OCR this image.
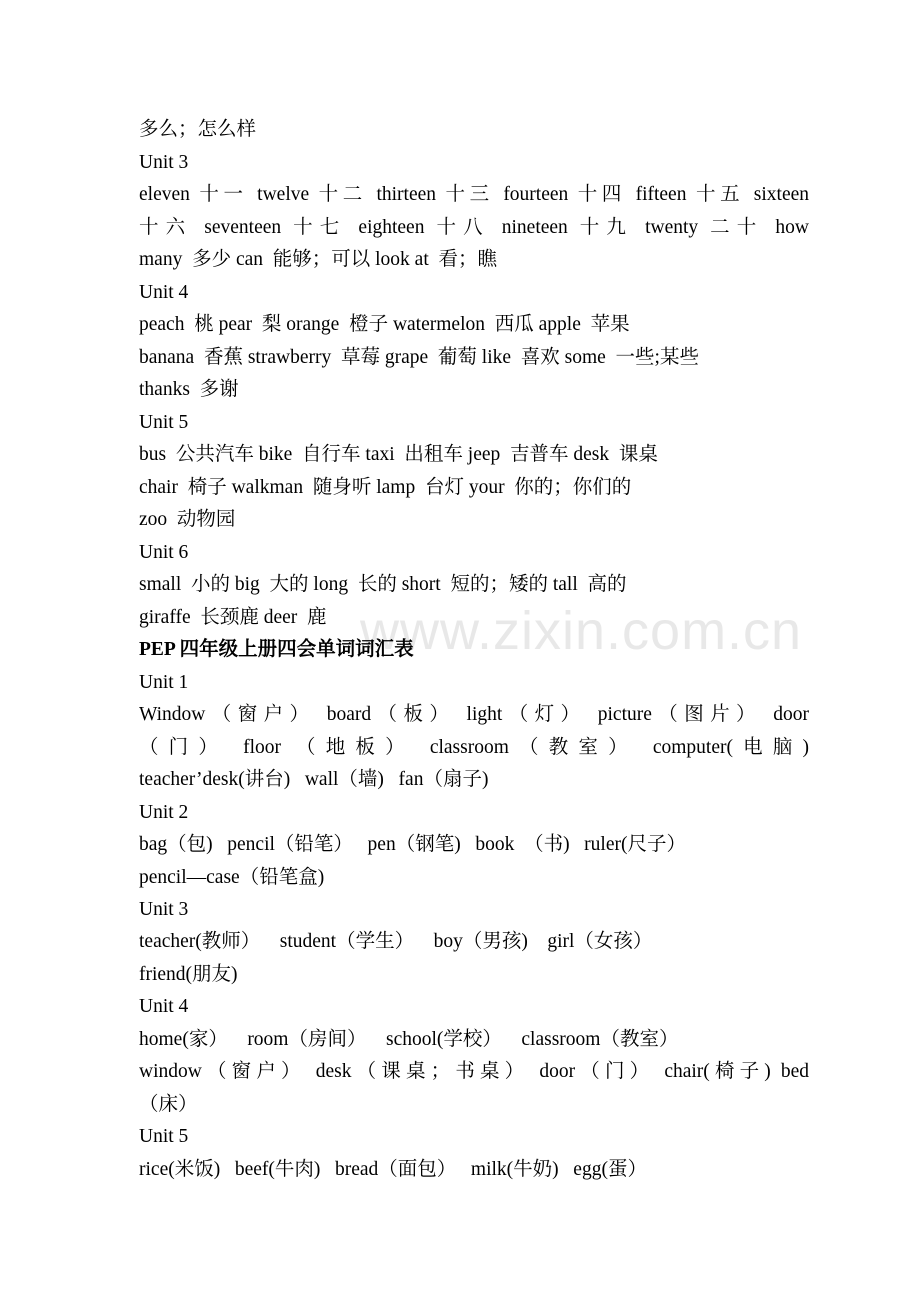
www.zixin.com.cn
多么；怎么样
Unit 3
eleven 十一 twelve 十二 thirteen 十三 fourteen 十四 fifteen 十五 sixteen
十六 seventeen 十七 eighteen 十八 nineteen 十九 twenty 二十 how
many  多少 can  能够；可以 look at  看；瞧
Unit 4
peach  桃 pear  梨 orange  橙子 watermelon  西瓜 apple  苹果
banana  香蕉 strawberry  草莓 grape  葡萄 like  喜欢 some  一些;某些
thanks  多谢
Unit 5
bus  公共汽车 bike  自行车 taxi  出租车 jeep  吉普车 desk  课桌
chair  椅子 walkman  随身听 lamp  台灯 your  你的；你们的
zoo  动物园
Unit 6
small  小的 big  大的 long  长的 short  短的；矮的 tall  高的
giraffe  长颈鹿 deer  鹿
PEP 四年级上册四会单词词汇表
Unit 1
Window（窗户） board（板） light（灯） picture（图片） door
（门） floor （地板） classroom（教室） computer(电脑)
teacher’desk(讲台)   wall（墙)   fan（扇子)
Unit 2
bag（包)   pencil（铅笔）   pen（钢笔)   book  （书)   ruler(尺子）
pencil—case（铅笔盒)
Unit 3
teacher(教师）    student（学生）    boy（男孩)    girl（女孩）
friend(朋友)
Unit 4
home(家）    room（房间）    school(学校）    classroom（教室）
window（窗户） desk（课桌；书桌） door（门） chair(椅子) bed
（床）
Unit 5
rice(米饭)   beef(牛肉)   bread（面包）   milk(牛奶)   egg(蛋）
